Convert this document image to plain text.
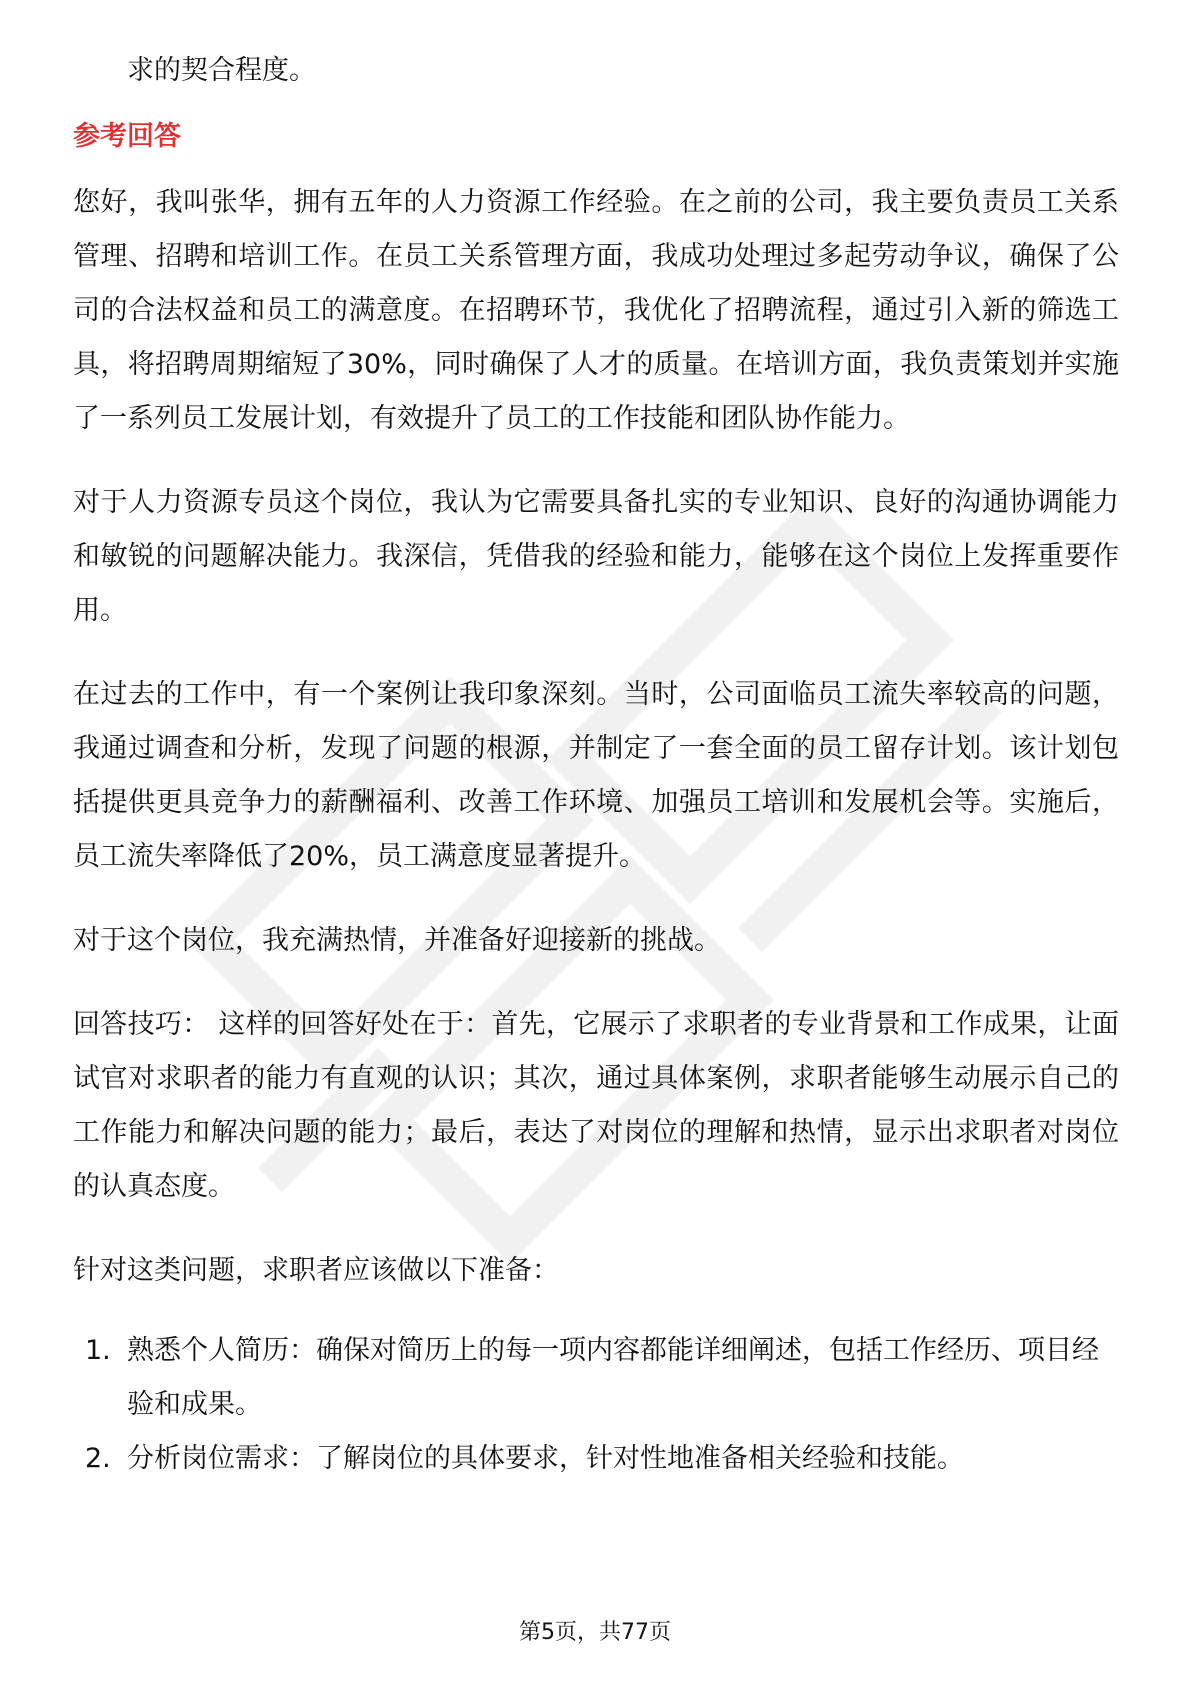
求的契合程度。
参考回答

您好，我叫张华，拥有五年的人力资源工作经验。在之前的公司，我主要负责员工关系管理、招聘和培训工作。在员工关系管理方面，我成功处理过多起劳动争议，确保了公司的合法权益和员工的满意度。在招聘环节，我优化了招聘流程，通过引入新的筛选工具，将招聘周期缩短了30%，同时确保了人才的质量。在培训方面，我负责策划并实施了一系列员工发展计划，有效提升了员工的工作技能和团队协作能力。

对于人力资源专员这个岗位，我认为它需要具备扎实的专业知识、良好的沟通协调能力和敏锐的问题解决能力。我深信，凭借我的经验和能力，能够在这个岗位上发挥重要作用。

在过去的工作中，有一个案例让我印象深刻。当时，公司面临员工流失率较高的问题，我通过调查和分析，发现了问题的根源，并制定了一套全面的员工留存计划。该计划包括提供更具竞争力的薪酬福利、改善工作环境、加强员工培训和发展机会等。实施后，员工流失率降低了20%，员工满意度显著提升。

对于这个岗位，我充满热情，并准备好迎接新的挑战。

回答技巧： 这样的回答好处在于：首先，它展示了求职者的专业背景和工作成果，让面试官对求职者的能力有直观的认识；其次，通过具体案例，求职者能够生动展示自己的工作能力和解决问题的能力；最后，表达了对岗位的理解和热情，显示出求职者对岗位的认真态度。

针对这类问题，求职者应该做以下准备：

1. 熟悉个人简历：确保对简历上的每一项内容都能详细阐述，包括工作经历、项目经验和成果。
2. 分析岗位需求：了解岗位的具体要求，针对性地准备相关经验和技能。
第5页，共77页
